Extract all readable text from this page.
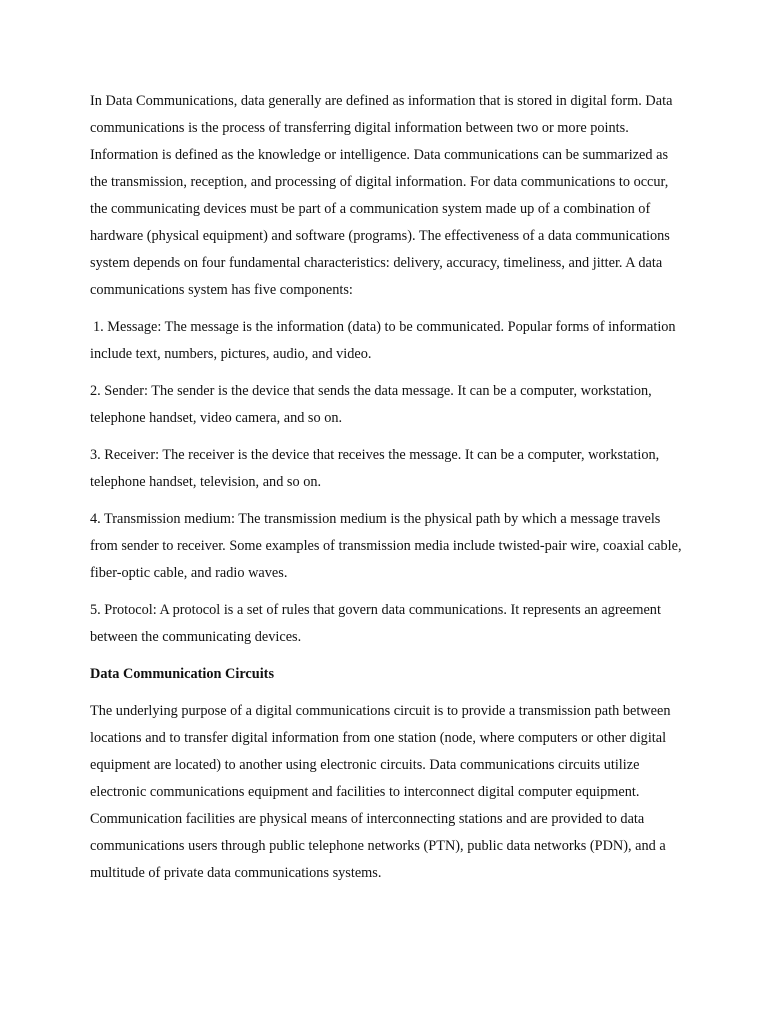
In Data Communications, data generally are defined as information that is stored in digital form. Data communications is the process of transferring digital information between two or more points. Information is defined as the knowledge or intelligence. Data communications can be summarized as the transmission, reception, and processing of digital information. For data communications to occur, the communicating devices must be part of a communication system made up of a combination of hardware (physical equipment) and software (programs). The effectiveness of a data communications system depends on four fundamental characteristics: delivery, accuracy, timeliness, and jitter. A data communications system has five components:

1. Message: The message is the information (data) to be communicated. Popular forms of information include text, numbers, pictures, audio, and video.

2. Sender: The sender is the device that sends the data message. It can be a computer, workstation, telephone handset, video camera, and so on.

3. Receiver: The receiver is the device that receives the message. It can be a computer, workstation, telephone handset, television, and so on.

4. Transmission medium: The transmission medium is the physical path by which a message travels from sender to receiver. Some examples of transmission media include twisted-pair wire, coaxial cable, fiber-optic cable, and radio waves.

5. Protocol: A protocol is a set of rules that govern data communications. It represents an agreement between the communicating devices.

Data Communication Circuits

The underlying purpose of a digital communications circuit is to provide a transmission path between locations and to transfer digital information from one station (node, where computers or other digital equipment are located) to another using electronic circuits. Data communications circuits utilize electronic communications equipment and facilities to interconnect digital computer equipment. Communication facilities are physical means of interconnecting stations and are provided to data communications users through public telephone networks (PTN), public data networks (PDN), and a multitude of private data communications systems.
